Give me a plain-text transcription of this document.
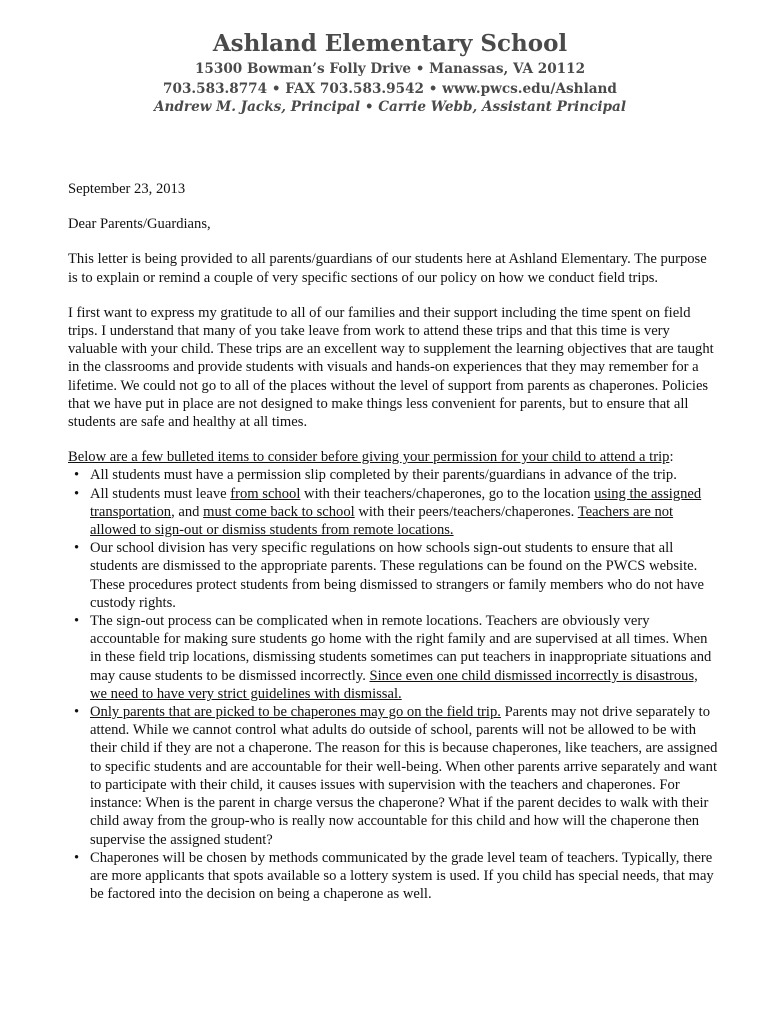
Ashland Elementary School
15300 Bowman’s Folly Drive • Manassas, VA 20112
703.583.8774 • FAX 703.583.9542 • www.pwcs.edu/Ashland
Andrew M. Jacks, Principal • Carrie Webb, Assistant Principal

September 23, 2013

Dear Parents/Guardians,

This letter is being provided to all parents/guardians of our students here at Ashland Elementary. The purpose is to explain or remind a couple of very specific sections of our policy on how we conduct field trips.

I first want to express my gratitude to all of our families and their support including the time spent on field trips. I understand that many of you take leave from work to attend these trips and that this time is very valuable with your child. These trips are an excellent way to supplement the learning objectives that are taught in the classrooms and provide students with visuals and hands-on experiences that they may remember for a lifetime. We could not go to all of the places without the level of support from parents as chaperones. Policies that we have put in place are not designed to make things less convenient for parents, but to ensure that all students are safe and healthy at all times.

Below are a few bulleted items to consider before giving your permission for your child to attend a trip:

• All students must have a permission slip completed by their parents/guardians in advance of the trip.
• All students must leave from school with their teachers/chaperones, go to the location using the assigned transportation, and must come back to school with their peers/teachers/chaperones. Teachers are not allowed to sign-out or dismiss students from remote locations.
• Our school division has very specific regulations on how schools sign-out students to ensure that all students are dismissed to the appropriate parents. These regulations can be found on the PWCS website. These procedures protect students from being dismissed to strangers or family members who do not have custody rights.
• The sign-out process can be complicated when in remote locations. Teachers are obviously very accountable for making sure students go home with the right family and are supervised at all times. When in these field trip locations, dismissing students sometimes can put teachers in inappropriate situations and may cause students to be dismissed incorrectly. Since even one child dismissed incorrectly is disastrous, we need to have very strict guidelines with dismissal.
• Only parents that are picked to be chaperones may go on the field trip. Parents may not drive separately to attend. While we cannot control what adults do outside of school, parents will not be allowed to be with their child if they are not a chaperone. The reason for this is because chaperones, like teachers, are assigned to specific students and are accountable for their well-being. When other parents arrive separately and want to participate with their child, it causes issues with supervision with the teachers and chaperones. For instance: When is the parent in charge versus the chaperone? What if the parent decides to walk with their child away from the group-who is really now accountable for this child and how will the chaperone then supervise the assigned student?
• Chaperones will be chosen by methods communicated by the grade level team of teachers. Typically, there are more applicants that spots available so a lottery system is used. If you child has special needs, that may be factored into the decision on being a chaperone as well.
